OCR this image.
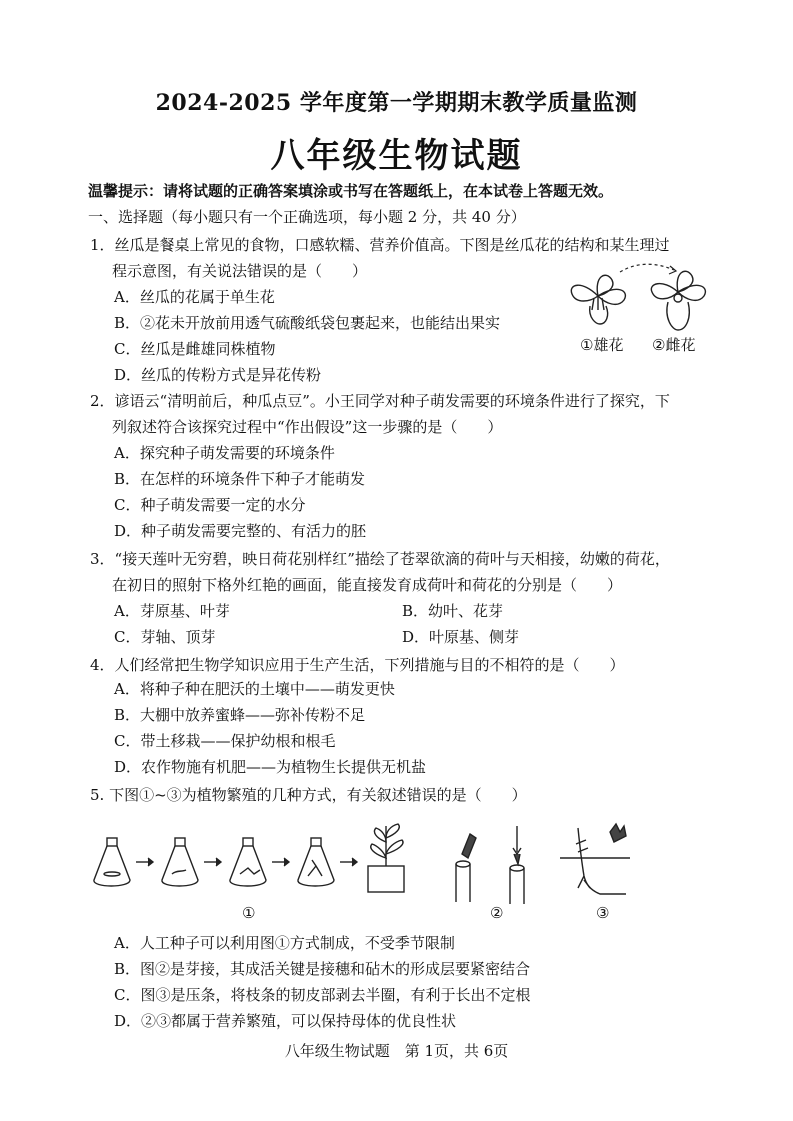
2024-2025 学年度第一学期期末教学质量监测
八年级生物试题
温馨提示：请将试题的正确答案填涂或书写在答题纸上，在本试卷上答题无效。
一、选择题（每小题只有一个正确选项，每小题 2 分，共 40 分）
1．丝瓜是餐桌上常见的食物，口感软糯、营养价值高。下图是丝瓜花的结构和某生理过
程示意图，有关说法错误的是（　　）
A．丝瓜的花属于单生花
B．②花未开放前用透气硫酸纸袋包裹起来，也能结出果实
C．丝瓜是雌雄同株植物
D．丝瓜的传粉方式是异花传粉
①雄花 ②雌花
2．谚语云“清明前后，种瓜点豆”。小王同学对种子萌发需要的环境条件进行了探究，下
列叙述符合该探究过程中“作出假设”这一步骤的是（　　）
A．探究种子萌发需要的环境条件
B．在怎样的环境条件下种子才能萌发
C．种子萌发需要一定的水分
D．种子萌发需要完整的、有活力的胚
3．“接天莲叶无穷碧，映日荷花别样红”描绘了苍翠欲滴的荷叶与天相接，幼嫩的荷花，
在初日的照射下格外红艳的画面，能直接发育成荷叶和荷花的分别是（　　）
A．芽原基、叶芽	B．幼叶、花芽
C．芽轴、顶芽	D．叶原基、侧芽
4．人们经常把生物学知识应用于生产生活，下列措施与目的不相符的是（　　）
A．将种子种在肥沃的土壤中——萌发更快
B．大棚中放养蜜蜂——弥补传粉不足
C．带土移栽——保护幼根和根毛
D．农作物施有机肥——为植物生长提供无机盐
5. 下图①~③为植物繁殖的几种方式，有关叙述错误的是（　　）
①	②	③
A．人工种子可以利用图①方式制成，不受季节限制
B．图②是芽接，其成活关键是接穗和砧木的形成层要紧密结合
C．图③是压条，将枝条的韧皮部剥去半圈，有利于长出不定根
D．②③都属于营养繁殖，可以保持母体的优良性状
八年级生物试题　第 1页，共 6页
